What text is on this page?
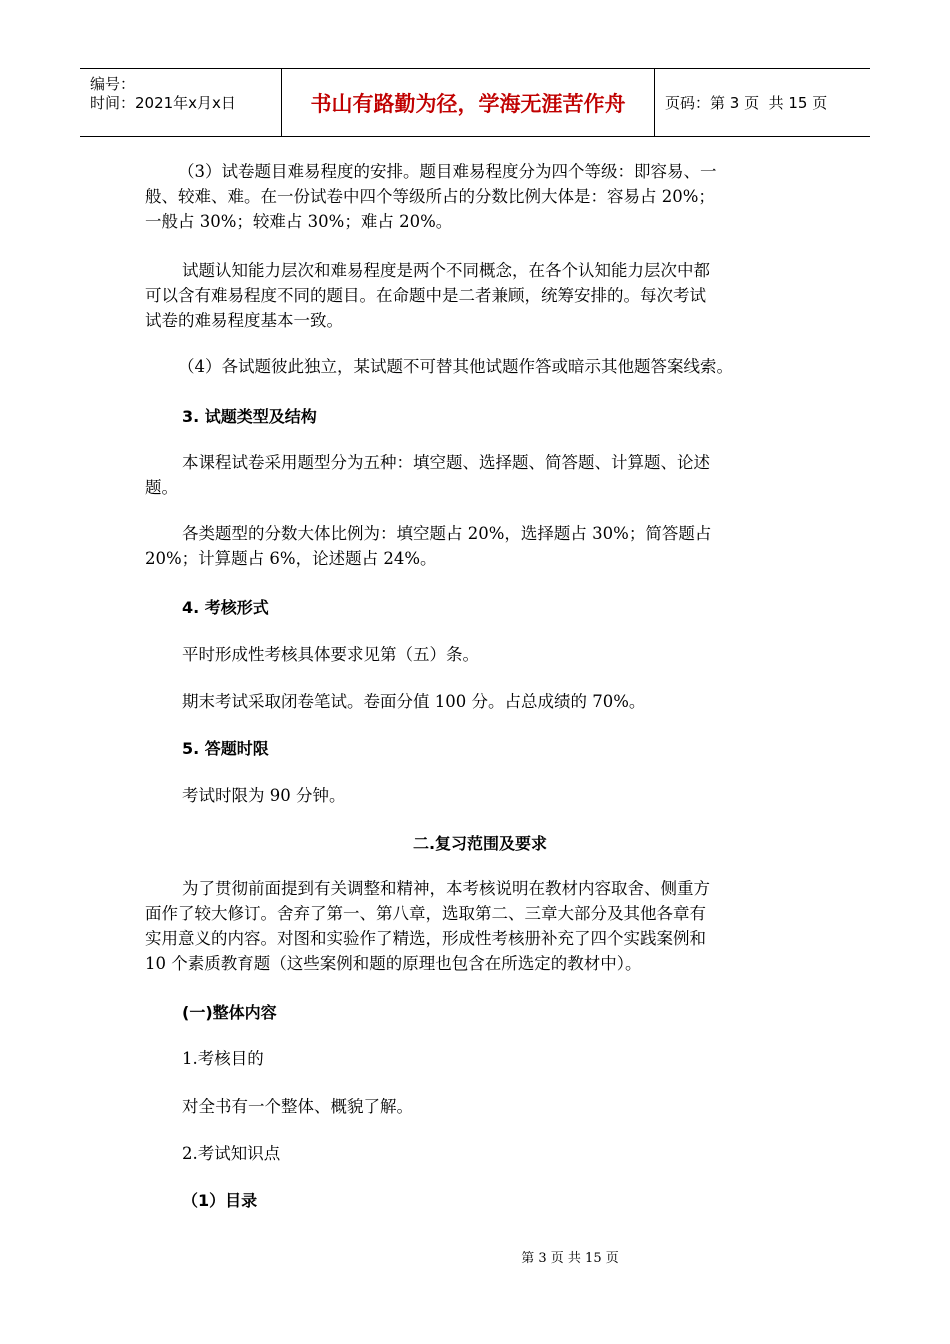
编号：
时间：2021年x月x日	书山有路勤为径，学海无涯苦作舟	页码：第 3 页  共 15 页
（3）试卷题目难易程度的安排。题目难易程度分为四个等级：即容易、一
般、较难、难。在一份试卷中四个等级所占的分数比例大体是：容易占 20%；
一般占 30%；较难占 30%；难占 20%。
试题认知能力层次和难易程度是两个不同概念，在各个认知能力层次中都
可以含有难易程度不同的题目。在命题中是二者兼顾，统筹安排的。每次考试
试卷的难易程度基本一致。
（4）各试题彼此独立，某试题不可替其他试题作答或暗示其他题答案线索。
3. 试题类型及结构
本课程试卷采用题型分为五种：填空题、选择题、简答题、计算题、论述
题。
各类题型的分数大体比例为：填空题占 20%，选择题占 30%；简答题占
20%；计算题占 6%，论述题占 24%。
4. 考核形式
平时形成性考核具体要求见第（五）条。
期末考试采取闭卷笔试。卷面分值 100 分。占总成绩的 70%。
5. 答题时限
考试时限为 90 分钟。
二.复习范围及要求
为了贯彻前面提到有关调整和精神，本考核说明在教材内容取舍、侧重方
面作了较大修订。舍弃了第一、第八章，选取第二、三章大部分及其他各章有
实用意义的内容。对图和实验作了精选，形成性考核册补充了四个实践案例和
10 个素质教育题（这些案例和题的原理也包含在所选定的教材中）。
(一)整体内容
1.考核目的
对全书有一个整体、概貌了解。
2.考试知识点
（1）目录
第 3 页 共 15 页
